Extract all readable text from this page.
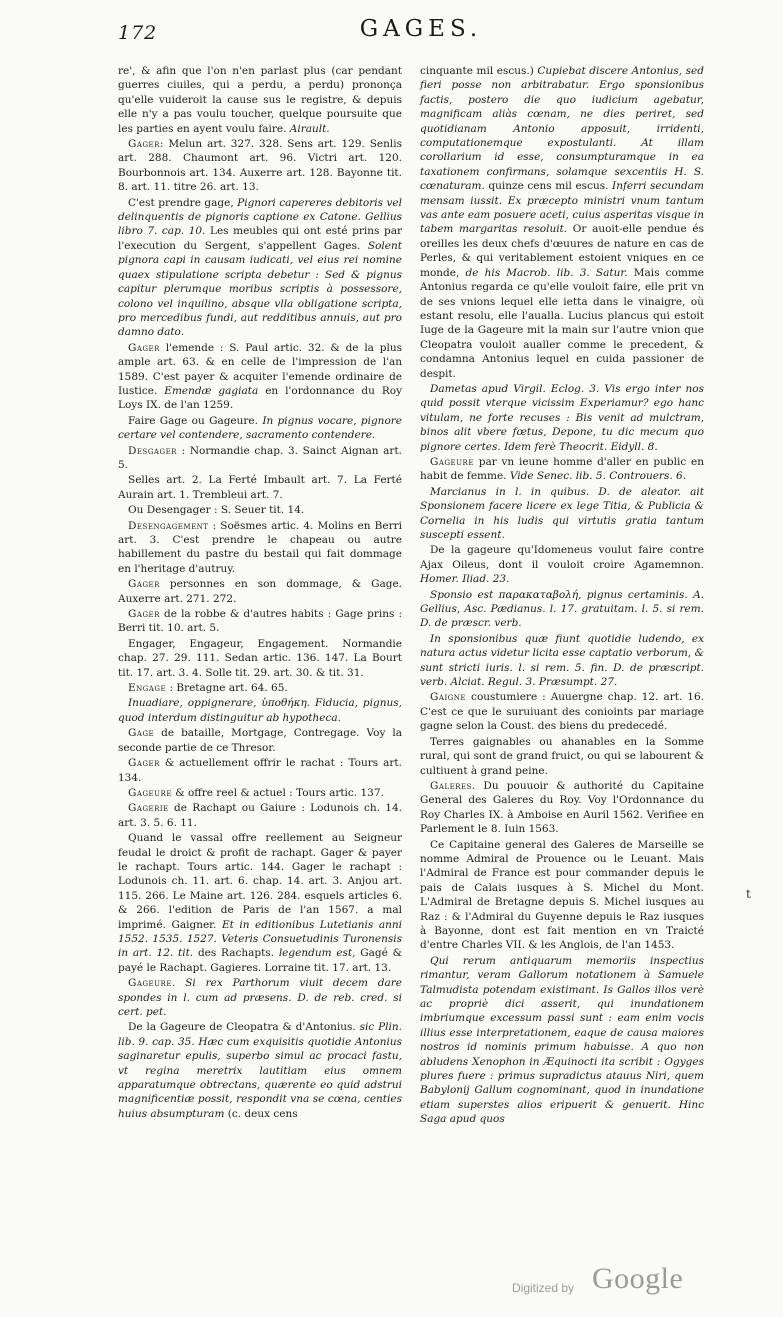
172	GAGES.

re', & afin que l'on n'en parlast plus (car pendant guerres ciuiles, qui a perdu, a perdu) prononça qu'elle vuideroit la cause sus le registre, & depuis elle n'y a pas voulu toucher, quelque poursuite que les parties en ayent voulu faire. Airault.

Gager: Melun art. 327. 328. Sens art. 129. Senlis art. 288. Chaumont art. 96. Victri art. 120. Bourbonnois art. 134. Auxerre art. 128. Bayonne tit. 8. art. 11. titre 26. art. 13.

C'est prendre gage, Pignori capereres debitoris vel delinquentis de pignoris captione ex Catone. Gellius libro 7. cap. 10. Les meubles qui ont esté prins par l'execution du Sergent, s'appellent Gages. Solent pignora capi in causam iudicati, vel eius rei nomine quaex stipulatione scripta debetur : Sed & pignus capitur plerumque moribus scriptis à possessore, colono vel inquilino, absque vlla obligatione scripta, pro mercedibus fundi, aut redditibus annuis, aut pro damno dato.

Gager l'emende : S. Paul artic. 32. & de la plus ample art. 63. & en celle de l'impression de l'an 1589. C'est payer & acquiter l'emende ordinaire de Iustice. Emendæ gagiata en l'ordonnance du Roy Loys IX. de l'an 1259.

Faire Gage ou Gageure. In pignus vocare, pignore certare vel contendere, sacramento contendere.

Desgager : Normandie chap. 3. Sainct Aignan art. 5.

Selles art. 2. La Ferté Imbault art. 7. La Ferté Aurain art. 1. Trembleui art. 7.

Ou Desengager : S. Seuer tit. 14.

Desengagement : Soësmes artic. 4. Molins en Berri art. 3. C'est prendre le chapeau ou autre habillement du pastre du bestail qui fait dommage en l'heritage d'autruy.

Gager personnes en son dommage, & Gage. Auxerre art. 271. 272.

Gager de la robbe & d'autres habits : Gage prins : Berri tit. 10. art. 5.

Engager, Engageur, Engagement. Normandie chap. 27. 29. 111. Sedan artic. 136. 147. La Bourt tit. 17. art. 3. 4. Solle tit. 29. art. 30. & tit. 31.

Engage : Bretagne art. 64. 65.

Inuadiare, oppignerare, ὑποθήκη. Fiducia, pignus, quod interdum distinguitur ab hypotheca.

Gage de bataille, Mortgage, Contregage. Voy la seconde partie de ce Thresor.

Gager & actuellement offrir le rachat : Tours art. 134.

Gageure & offre reel & actuel : Tours artic. 137.

Gagerie de Rachapt ou Gaiure : Lodunois ch. 14. art. 3. 5. 6. 11.

Quand le vassal offre reellement au Seigneur feudal le droict & profit de rachapt. Gager & payer le rachapt. Tours artic. 144. Gager le rachapt : Lodunois ch. 11. art. 6. chap. 14. art. 3. Anjou art. 115. 266. Le Maine art. 126. 284. esquels articles 6. & 266. l'edition de Paris de l'an 1567. a mal imprimé. Gaigner. Et in editionibus Lutetianis anni 1552. 1535. 1527. Veteris Consuetudinis Turonensis in art. 12. tit. des Rachapts. legendum est, Gagé & payé le Rachapt. Gagieres. Lorraine tit. 17. art. 13.

Gageure. Si rex Parthorum viuit decem dare spondes in l. cum ad præsens. D. de reb. cred. si cert. pet.

De la Gageure de Cleopatra & d'Antonius. sic Plin. lib. 9. cap. 35. Hæc cum exquisitis quotidie Antonius saginaretur epulis, superbo simul ac procaci fastu, vt regina meretrix lautitiam eius omnem apparatumque obtrectans, quærente eo quid adstrui magnificentiæ possit, respondit vna se cœna, centies huius absumpturam (c. deux cens

cinquante mil escus.) Cupiebat discere Antonius, sed fieri posse non arbitrabatur. Ergo sponsionibus factis, postero die quo iudicium agebatur, magnificam aliàs cœnam, ne dies periret, sed quotidianam Antonio apposuit, irridenti, computationemque expostulanti. At illam corollarium id esse, consumpturamque in ea taxationem confirmans, solamque sexcentiis H. S. cœnaturam. quinze cens mil escus. Inferri secundam mensam iussit. Ex præcepto ministri vnum tantum vas ante eam posuere aceti, cuius asperitas visque in tabem margaritas resoluit. Or auoit-elle pendue és oreilles les deux chefs d'œuures de nature en cas de Perles, & qui veritablement estoient vniques en ce monde, de his Macrob. lib. 3. Satur. Mais comme Antonius regarda ce qu'elle vouloit faire, elle prit vn de ses vnions lequel elle ietta dans le vinaigre, où estant resolu, elle l'aualla. Lucius plancus qui estoit Iuge de la Gageure mit la main sur l'autre vnion que Cleopatra vouloit aualler comme le precedent, & condamna Antonius lequel en cuida passioner de despit.

Dametas apud Virgil. Eclog. 3. Vis ergo inter nos quid possit vterque vicissim Experiamur? ego hanc vitulam, ne forte recuses : Bis venit ad mulctram, binos alit vbere fœtus, Depone, tu dic mecum quo pignore certes. Idem ferè Theocrit. Eidyll. 8.

Gageure par vn ieune homme d'aller en public en habit de femme. Vide Senec. lib. 5. Controuers. 6.

Marcianus in l. in quibus. D. de aleator. ait Sponsionem facere licere ex lege Titia, & Publicia & Cornelia in his ludis qui virtutis gratia tantum suscepti essent.

De la gageure qu'Idomeneus voulut faire contre Ajax Oileus, dont il vouloit croire Agamemnon. Homer. Iliad. 23.

Sponsio est παρακαταβολή, pignus certaminis. A. Gellius, Asc. Pædianus. l. 17. gratuitam. l. 5. si rem. D. de præscr. verb.

In sponsionibus quæ fiunt quotidie ludendo, ex natura actus videtur licita esse captatio verborum, & sunt stricti iuris. l. si rem. 5. fin. D. de præscript. verb. Alciat. Regul. 3. Præsumpt. 27.

Gaigne coustumiere : Auuergne chap. 12. art. 16. C'est ce que le suruiuant des conioints par mariage gagne selon la Coust. des biens du predecedé.

Terres gaignables ou ahanables en la Somme rural, qui sont de grand fruict, ou qui se labourent & cultiuent à grand peine.

Galeres. Du pouuoir & authorité du Capitaine General des Galeres du Roy. Voy l'Ordonnance du Roy Charles IX. à Amboise en Auril 1562. Verifiee en Parlement le 8. Iuin 1563.

Ce Capitaine general des Galeres de Marseille se nomme Admiral de Prouence ou le Leuant. Mais l'Admiral de France est pour commander depuis le pais de Calais iusques à S. Michel du Mont. L'Admiral de Bretagne depuis S. Michel iusques au Raz : & l'Admiral du Guyenne depuis le Raz iusques à Bayonne, dont est fait mention en vn Traicté d'entre Charles VII. & les Anglois, de l'an 1453.

Qui rerum antiquarum memoriis inspectius rimantur, veram Gallorum notationem à Samuele Talmudista potendam existimant. Is Gallos illos verè ac propriè dici asserit, qui inundationem imbriumque excessum passi sunt : eam enim vocis illius esse interpretationem, eaque de causa maiores nostros id nominis primum habuisse. A quo non abludens Xenophon in Æquinocti ita scribit : Ogyges plures fuere : primus supradictus atauus Niri, quem Babylonij Gallum cognominant, quod in inundatione etiam superstes alios eripuerit & genuerit. Hinc Saga apud quos

t
Digitized by Google
